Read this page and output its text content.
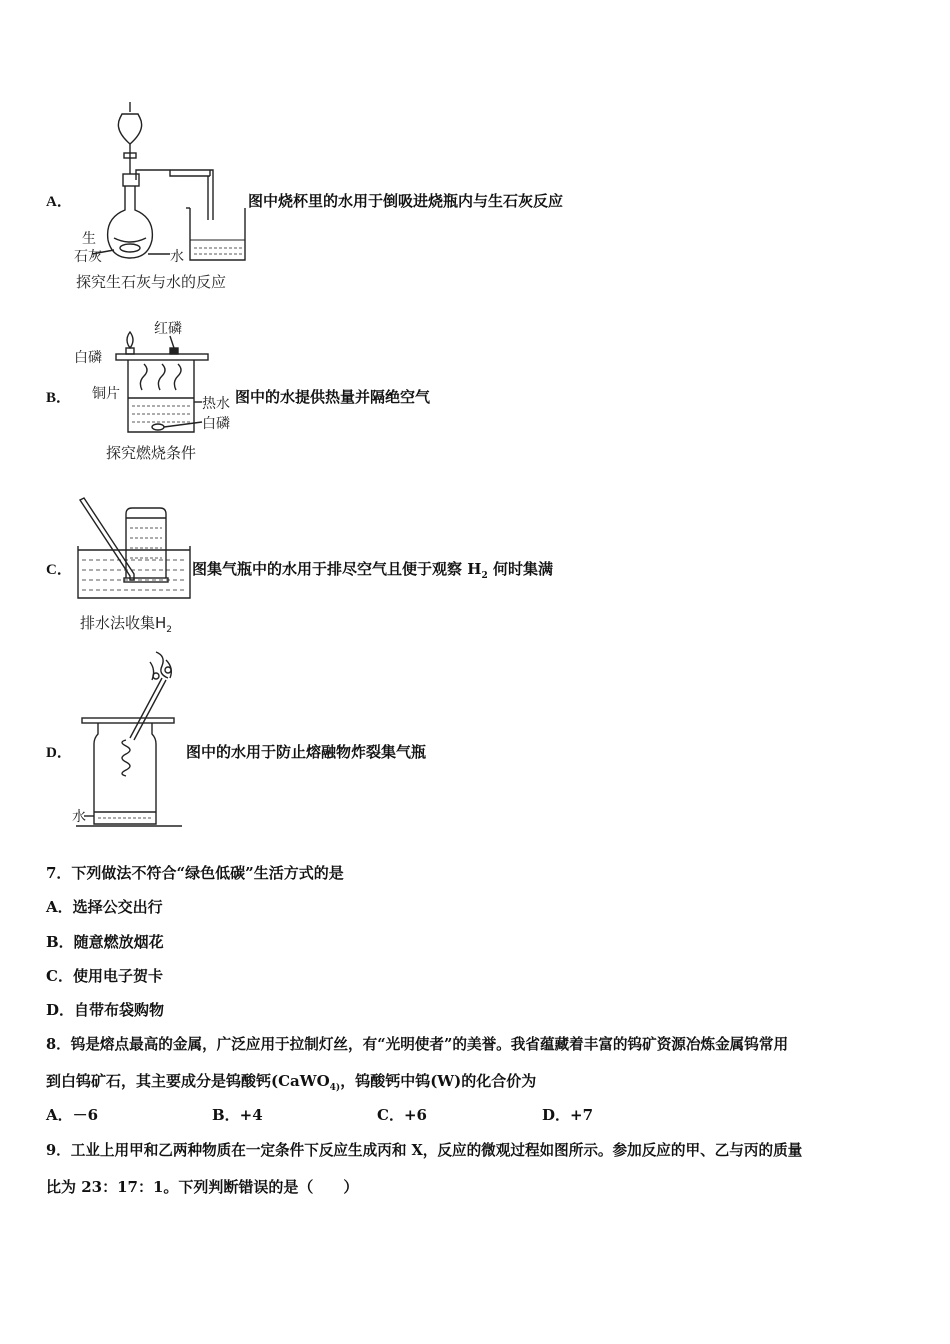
A．
生
石灰	水
探究生石灰与水的反应
图中烧杯里的水用于倒吸进烧瓶内与生石灰反应
B．
红磷
白磷
铜片
热水
白磷
探究燃烧条件
图中的水提供热量并隔绝空气
C．
排水法收集$H_2$
图集气瓶中的水用于排尽空气且便于观察 $H_2$ 何时集满
D．
水
图中的水用于防止熔融物炸裂集气瓶
7．下列做法不符合“绿色低碳”生活方式的是
A．选择公交出行
B．随意燃放烟花
C．使用电子贺卡
D．自带布袋购物
8．钨是熔点最高的金属，广泛应用于拉制灯丝，有“光明使者”的美誉。我省蕴藏着丰富的钨矿资源冶炼金属钨常用
到白钨矿石，其主要成分是钨酸钙(CaWO$_{4)}$，钨酸钙中钨(W)的化合价为
A．－6	B．+4	C．+6	D．+7
9．工业上用甲和乙两种物质在一定条件下反应生成丙和 X，反应的微观过程如图所示。参加反应的甲、乙与丙的质量
比为 23：17：1。下列判断错误的是（　　）
